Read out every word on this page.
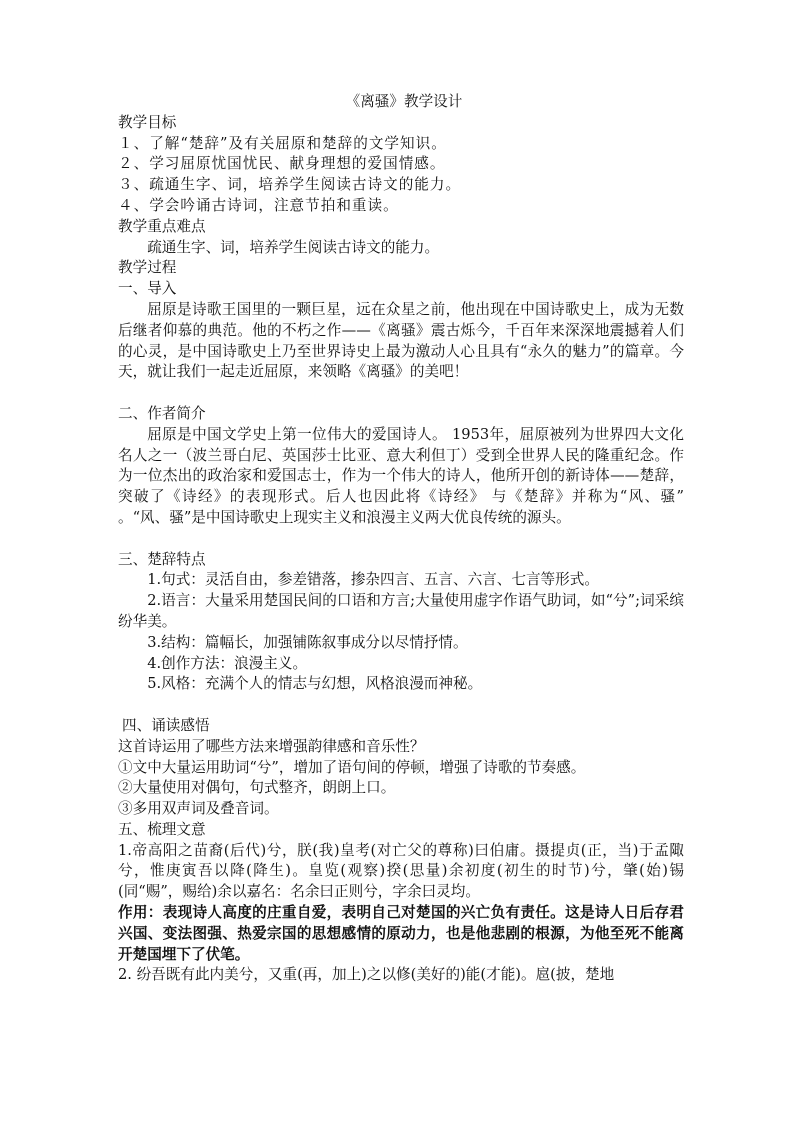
《离骚》教学设计

教学目标

１、了解“楚辞”及有关屈原和楚辞的文学知识。

２、学习屈原忧国忧民、献身理想的爱国情感。

３、疏通生字、词，培养学生阅读古诗文的能力。

４、学会吟诵古诗词，注意节拍和重读。

教学重点难点

疏通生字、词，培养学生阅读古诗文的能力。

教学过程

一、导入

屈原是诗歌王国里的一颗巨星，远在众星之前，他出现在中国诗歌史上，成为无数后继者仰慕的典范。他的不朽之作——《离骚》震古烁今，千百年来深深地震撼着人们的心灵，是中国诗歌史上乃至世界诗史上最为激动人心且具有“永久的魅力”的篇章。今天，就让我们一起走近屈原，来领略《离骚》的美吧！

二、作者简介

屈原是中国文学史上第一位伟大的爱国诗人。 1953年，屈原被列为世界四大文化名人之一（波兰哥白尼、英国莎士比亚、意大利但丁）受到全世界人民的隆重纪念。作为一位杰出的政治家和爱国志士，作为一个伟大的诗人，他所开创的新诗体——楚辞，突破了《诗经》的表现形式。后人也因此将《诗经》 与《楚辞》并称为“风、骚” 。“风、骚”是中国诗歌史上现实主义和浪漫主义两大优良传统的源头。

三、楚辞特点

1.句式：灵活自由，参差错落，掺杂四言、五言、六言、七言等形式。

2.语言：大量采用楚国民间的口语和方言;大量使用虚字作语气助词，如“兮”;词采缤纷华美。

3.结构：篇幅长，加强铺陈叙事成分以尽情抒情。

4.创作方法：浪漫主义。

5.风格：充满个人的情志与幻想，风格浪漫而神秘。

四、诵读感悟

这首诗运用了哪些方法来增强韵律感和音乐性？

①文中大量运用助词“兮”，增加了语句间的停顿，增强了诗歌的节奏感。

②大量使用对偶句，句式整齐，朗朗上口。

③多用双声词及叠音词。

五、梳理文意

1.帝高阳之苗裔(后代)兮，朕(我)皇考(对亡父的尊称)曰伯庸。摄提贞(正，当)于孟陬兮，惟庚寅吾以降(降生)。皇览(观察)揆(思量)余初度(初生的时节)兮，肇(始)锡(同“赐”，赐给)余以嘉名：名余曰正则兮，字余曰灵均。

作用：表现诗人高度的庄重自爱，表明自己对楚国的兴亡负有责任。这是诗人日后存君兴国、变法图强、热爱宗国的思想感情的原动力，也是他悲剧的根源，为他至死不能离开楚国埋下了伏笔。

2. 纷吾既有此内美兮，又重(再，加上)之以修(美好的)能(才能)。扈(披，楚地
